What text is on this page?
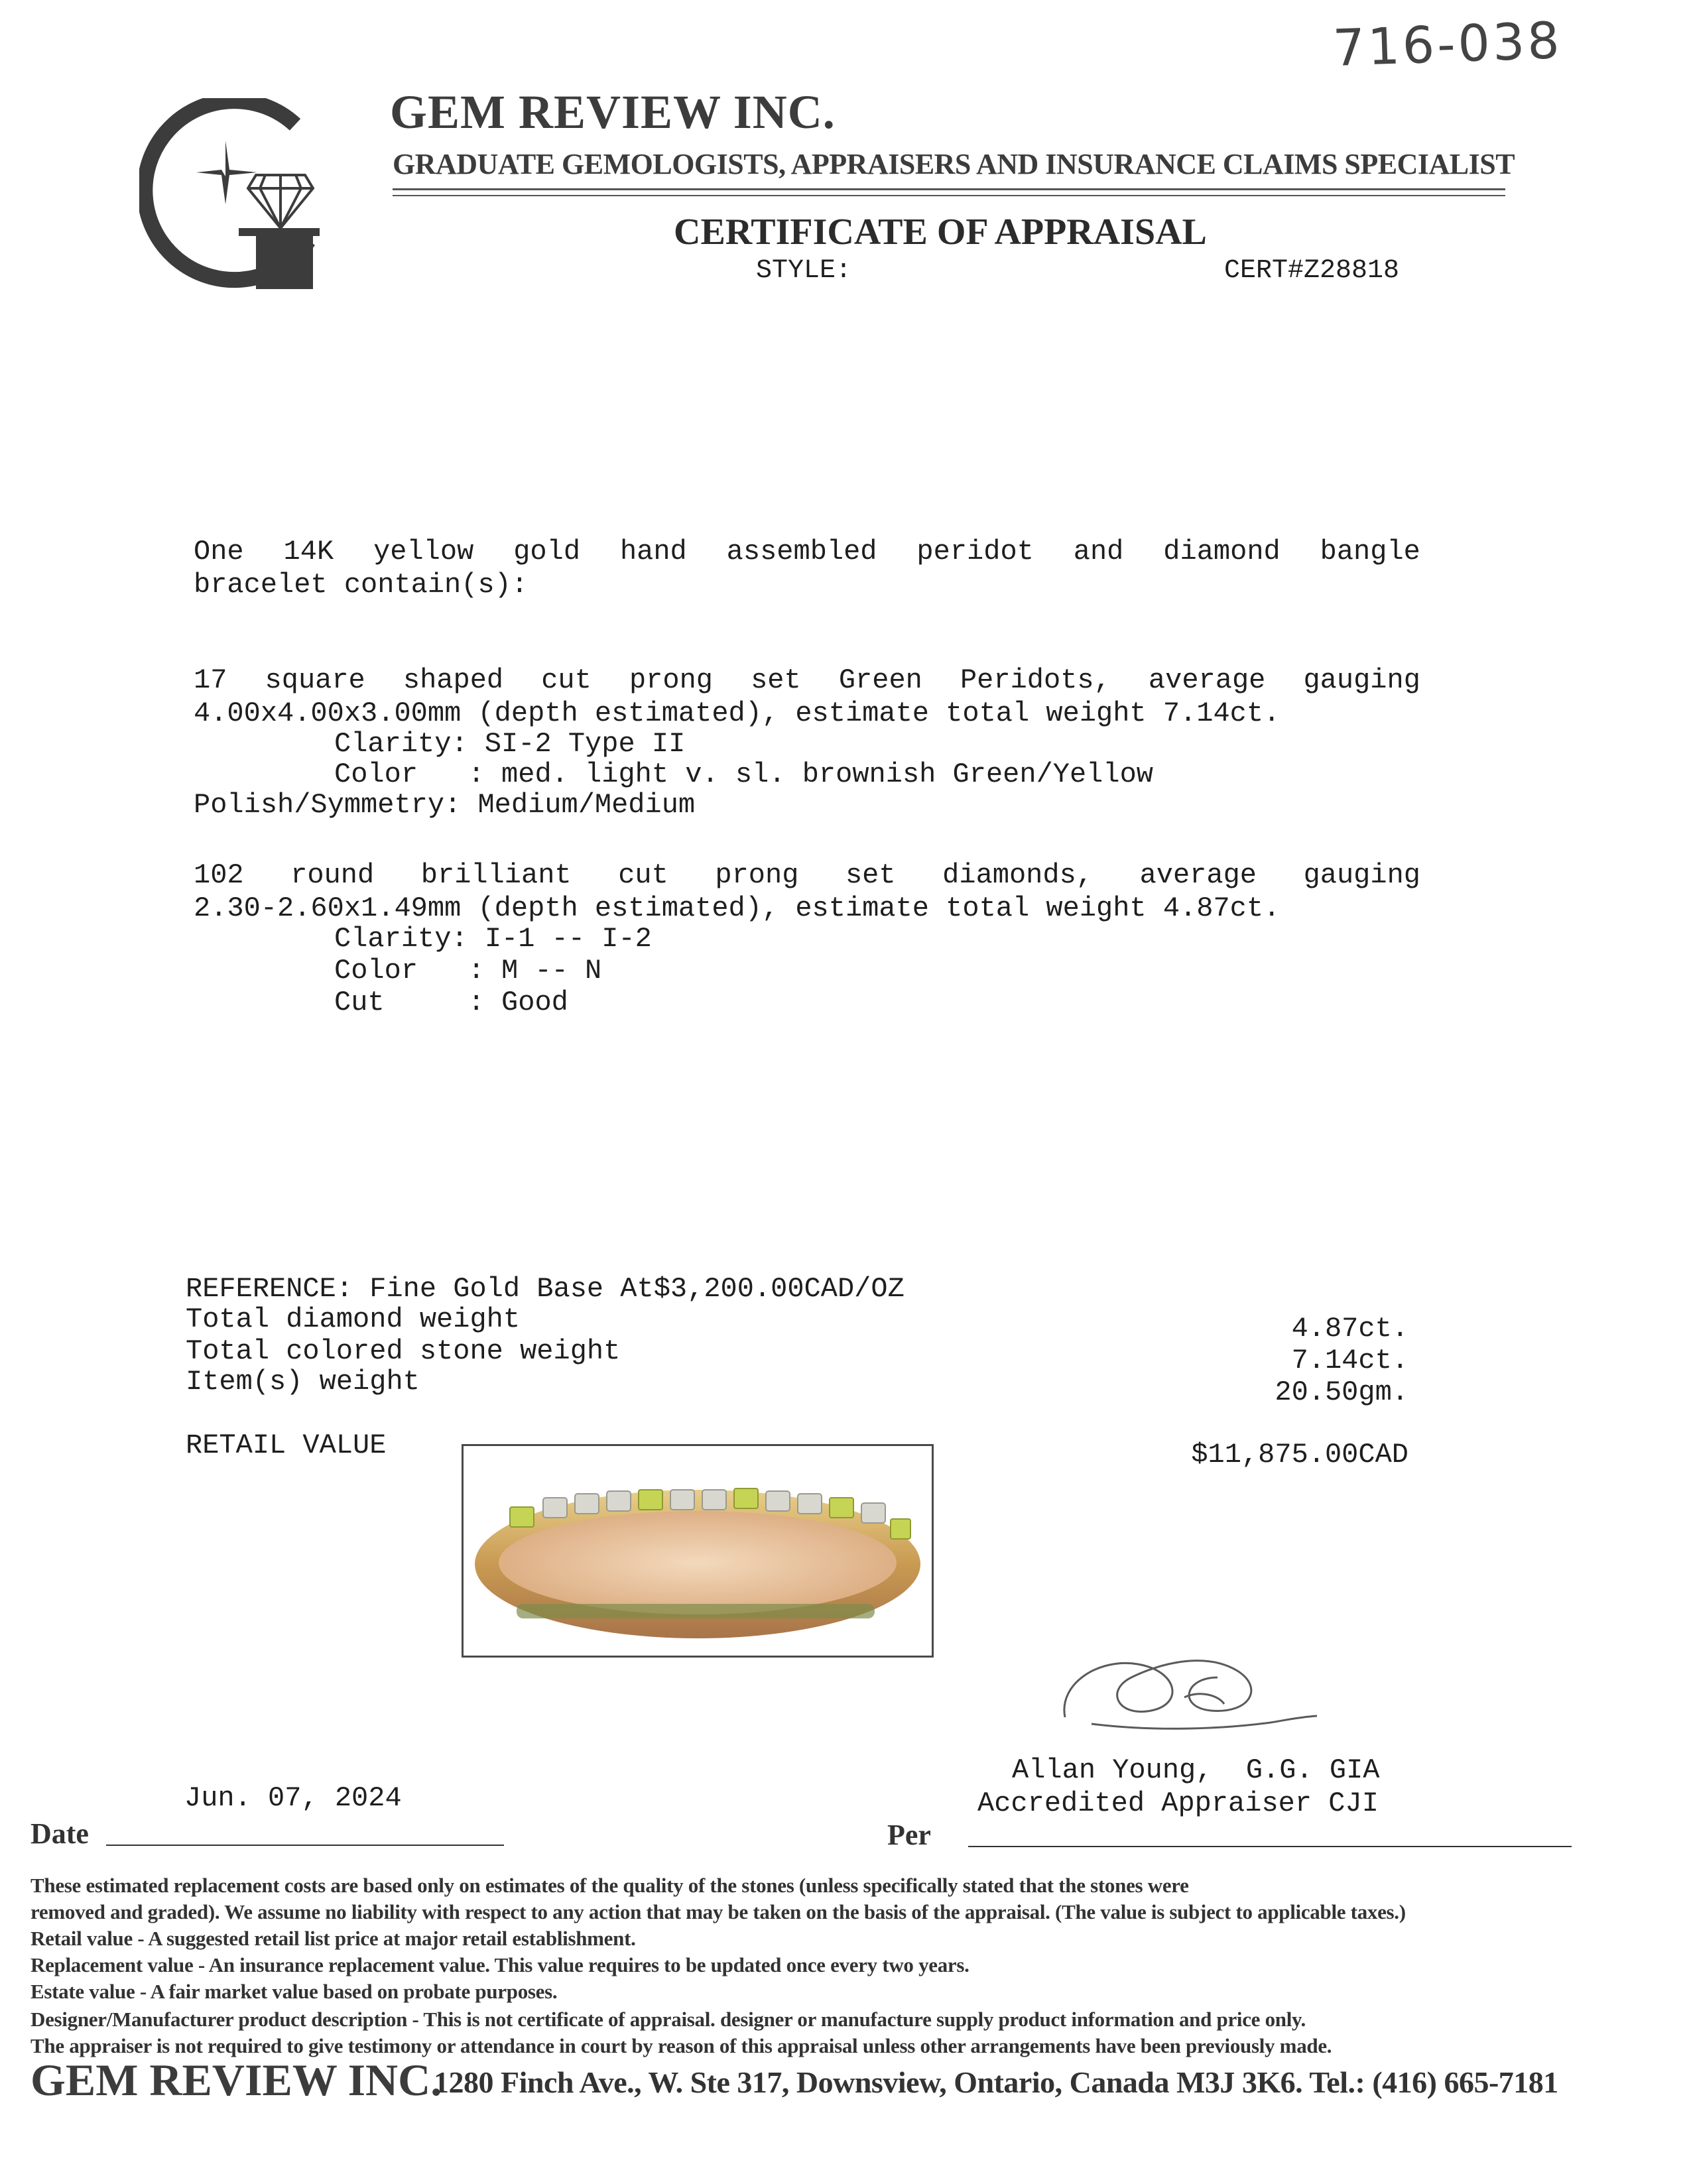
716-038
GEM REVIEW INC.
GRADUATE GEMOLOGISTS, APPRAISERS AND INSURANCE CLAIMS SPECIALIST
CERTIFICATE OF APPRAISAL
STYLE:	CERT#Z28818
One 14K yellow gold hand assembled peridot and diamond bangle
bracelet contain(s):
17 square shaped cut prong set Green Peridots, average gauging
4.00x4.00x3.00mm (depth estimated), estimate total weight 7.14ct.
Clarity: SI-2 Type II
Color   : med. light v. sl. brownish Green/Yellow
Polish/Symmetry: Medium/Medium
102 round brilliant cut prong set diamonds, average gauging
2.30-2.60x1.49mm (depth estimated), estimate total weight 4.87ct.
Clarity: I-1 -- I-2
Color   : M -- N
Cut     : Good
REFERENCE: Fine Gold Base At$3,200.00CAD/OZ
Total diamond weight	4.87ct.
Total colored stone weight	7.14ct.
Item(s) weight	20.50gm.
RETAIL VALUE	$11,875.00CAD
Jun. 07, 2024
Allan Young,  G.G. GIA
Accredited Appraiser CJI
Date	Per
These estimated replacement costs are based only on estimates of the quality of the stones (unless specifically stated that the stones were
removed and graded). We assume no liability with respect to any action that may be taken on the basis of the appraisal. (The value is subject to applicable taxes.)
Retail value - A suggested retail list price at major retail establishment.
Replacement value - An insurance replacement value. This value requires to be updated once every two years.
Estate value - A fair market value based on probate purposes.
Designer/Manufacturer product description - This is not certificate of appraisal. designer or manufacture supply product information and price only.
The appraiser is not required to give testimony or attendance in court by reason of this appraisal unless other arrangements have been previously made.
GEM REVIEW INC.
1280 Finch Ave., W. Ste 317, Downsview, Ontario, Canada M3J 3K6. Tel.: (416) 665-7181
